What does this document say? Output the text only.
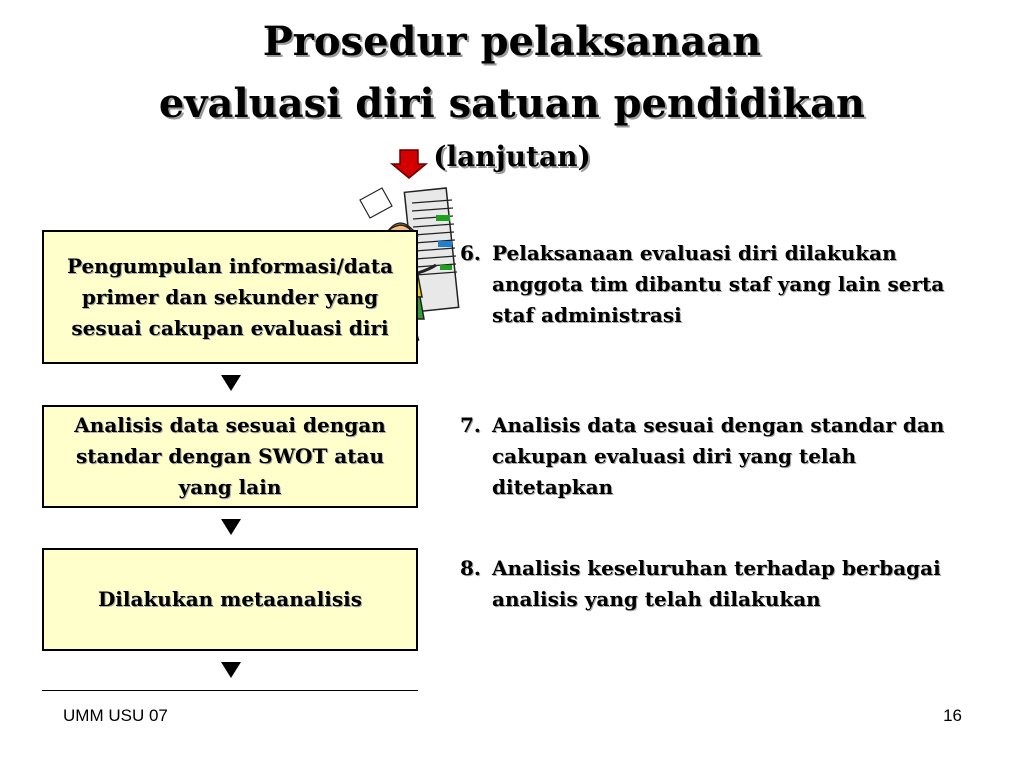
Prosedur pelaksanaan
evaluasi diri satuan pendidikan
(lanjutan)
Pengumpulan informasi/data primer dan sekunder yang sesuai cakupan evaluasi diri
Analisis data sesuai dengan standar dengan SWOT atau yang lain
Dilakukan metaanalisis
6. Pelaksanaan evaluasi diri dilakukan anggota tim dibantu staf yang lain serta staf administrasi
7. Analisis data sesuai dengan standar dan cakupan evaluasi diri yang telah ditetapkan
8. Analisis keseluruhan terhadap berbagai analisis yang telah dilakukan
UMM USU 07	16
